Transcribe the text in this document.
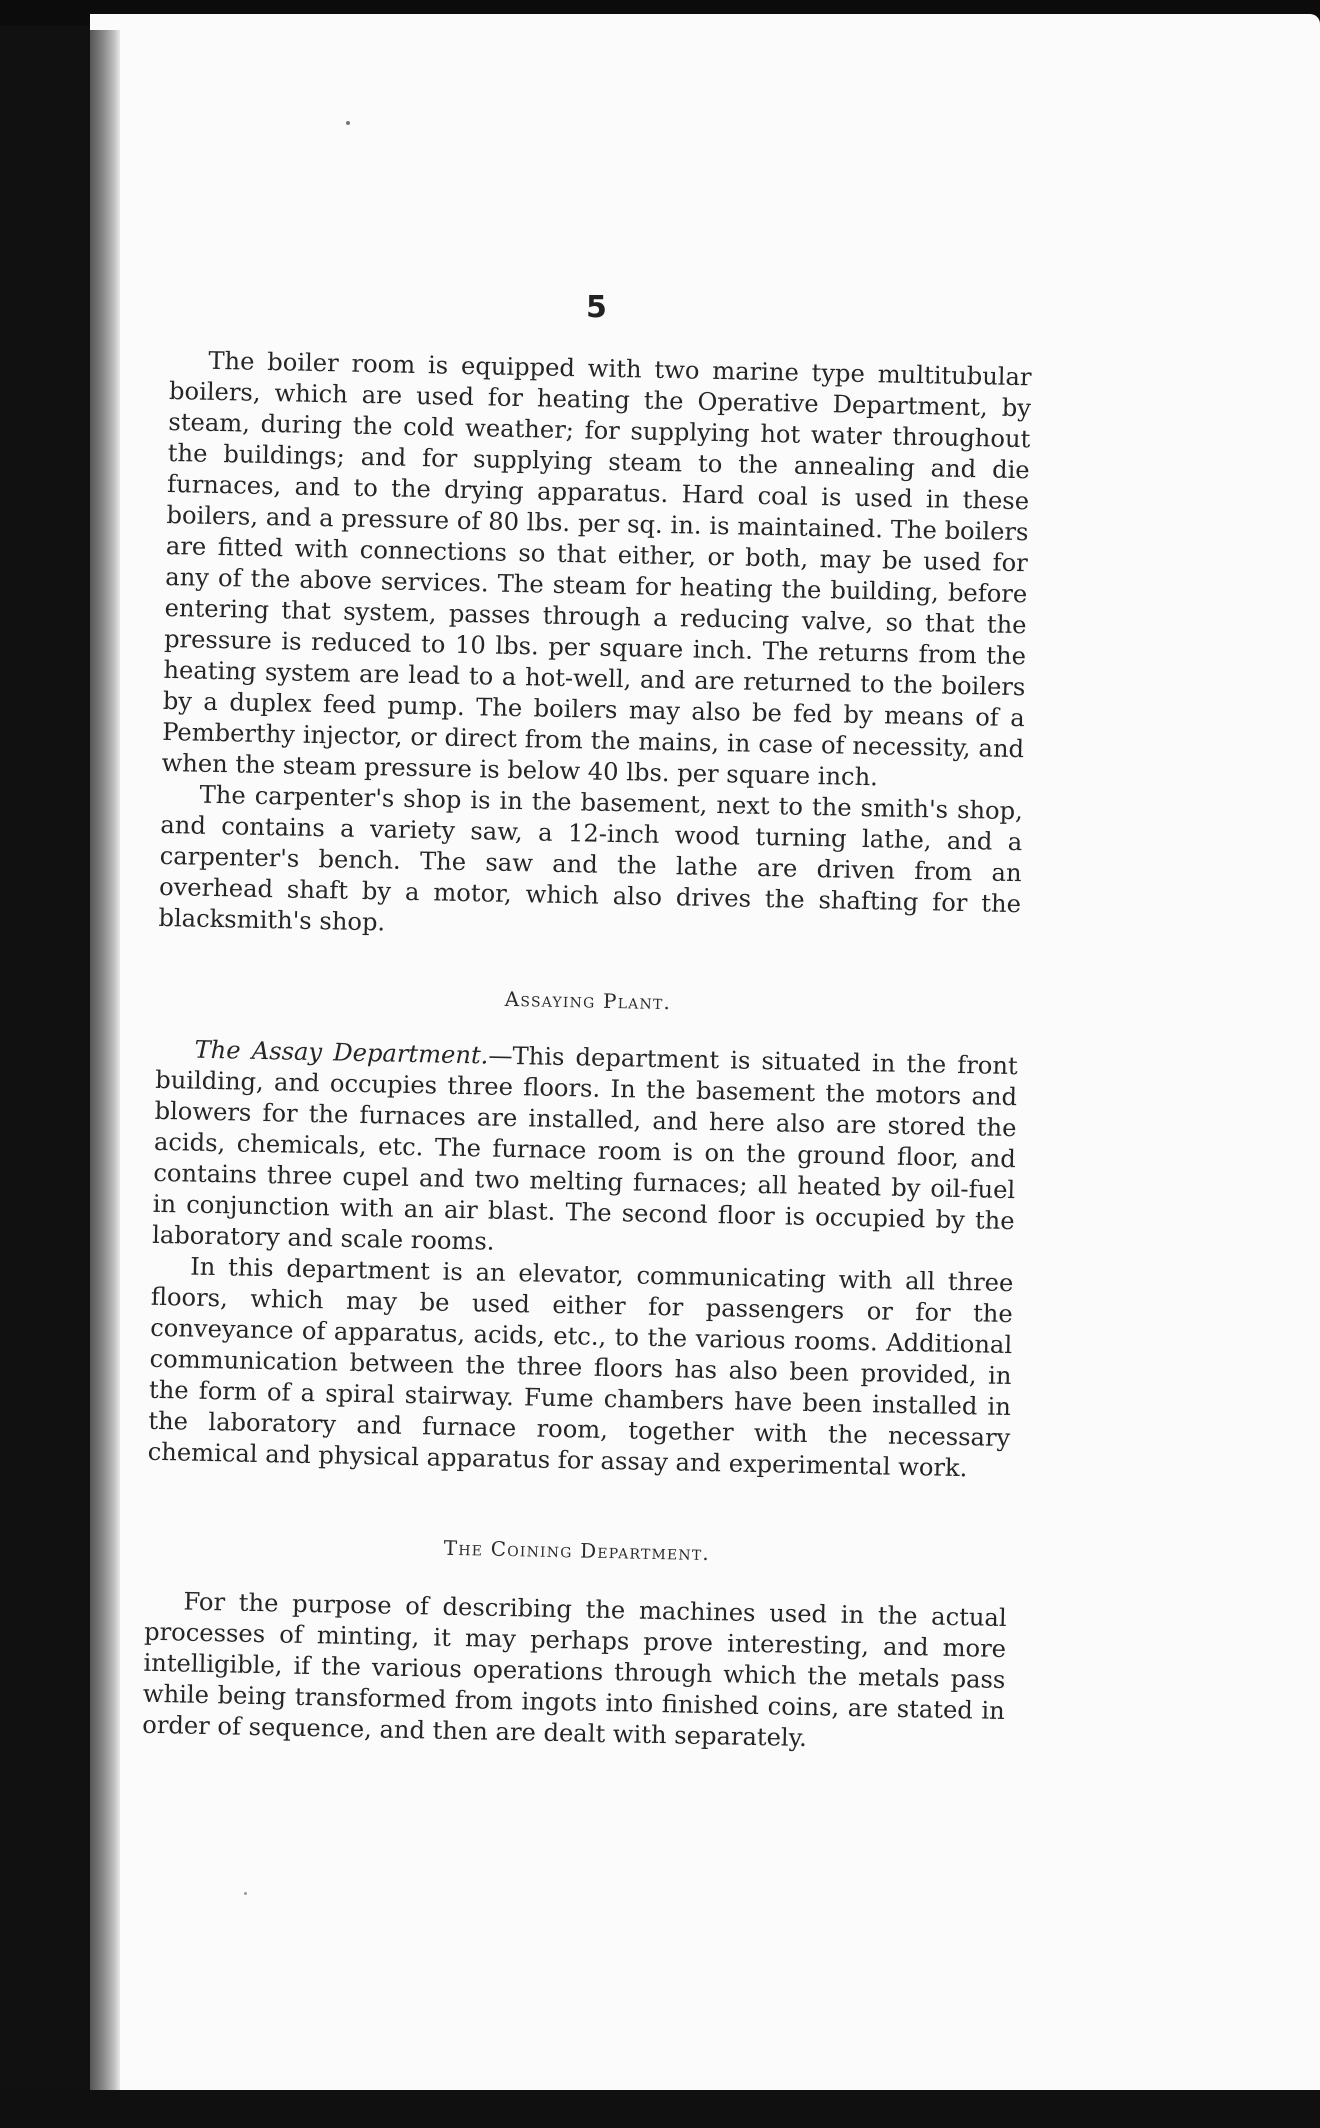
5

The boiler room is equipped with two marine type multitubular boilers, which are used for heating the Operative Department, by steam, during the cold weather; for supplying hot water throughout the buildings; and for supplying steam to the annealing and die furnaces, and to the drying apparatus. Hard coal is used in these boilers, and a pressure of 80 lbs. per sq. in. is maintained. The boilers are fitted with connections so that either, or both, may be used for any of the above services. The steam for heating the building, before entering that system, passes through a reducing valve, so that the pressure is reduced to 10 lbs. per square inch. The returns from the heating system are lead to a hot-well, and are returned to the boilers by a duplex feed pump. The boilers may also be fed by means of a Pemberthy injector, or direct from the mains, in case of necessity, and when the steam pressure is below 40 lbs. per square inch.

The carpenter's shop is in the basement, next to the smith's shop, and contains a variety saw, a 12-inch wood turning lathe, and a carpenter's bench. The saw and the lathe are driven from an overhead shaft by a motor, which also drives the shafting for the blacksmith's shop.

Assaying Plant.

The Assay Department.—This department is situated in the front building, and occupies three floors. In the basement the motors and blowers for the furnaces are installed, and here also are stored the acids, chemicals, etc. The furnace room is on the ground floor, and contains three cupel and two melting furnaces; all heated by oil-fuel in conjunction with an air blast. The second floor is occupied by the laboratory and scale rooms.

In this department is an elevator, communicating with all three floors, which may be used either for passengers or for the conveyance of apparatus, acids, etc., to the various rooms. Additional communication between the three floors has also been provided, in the form of a spiral stairway. Fume chambers have been installed in the laboratory and furnace room, together with the necessary chemical and physical apparatus for assay and experimental work.

The Coining Department.

For the purpose of describing the machines used in the actual processes of minting, it may perhaps prove interesting, and more intelligible, if the various operations through which the metals pass while being transformed from ingots into finished coins, are stated in order of sequence, and then are dealt with separately.
